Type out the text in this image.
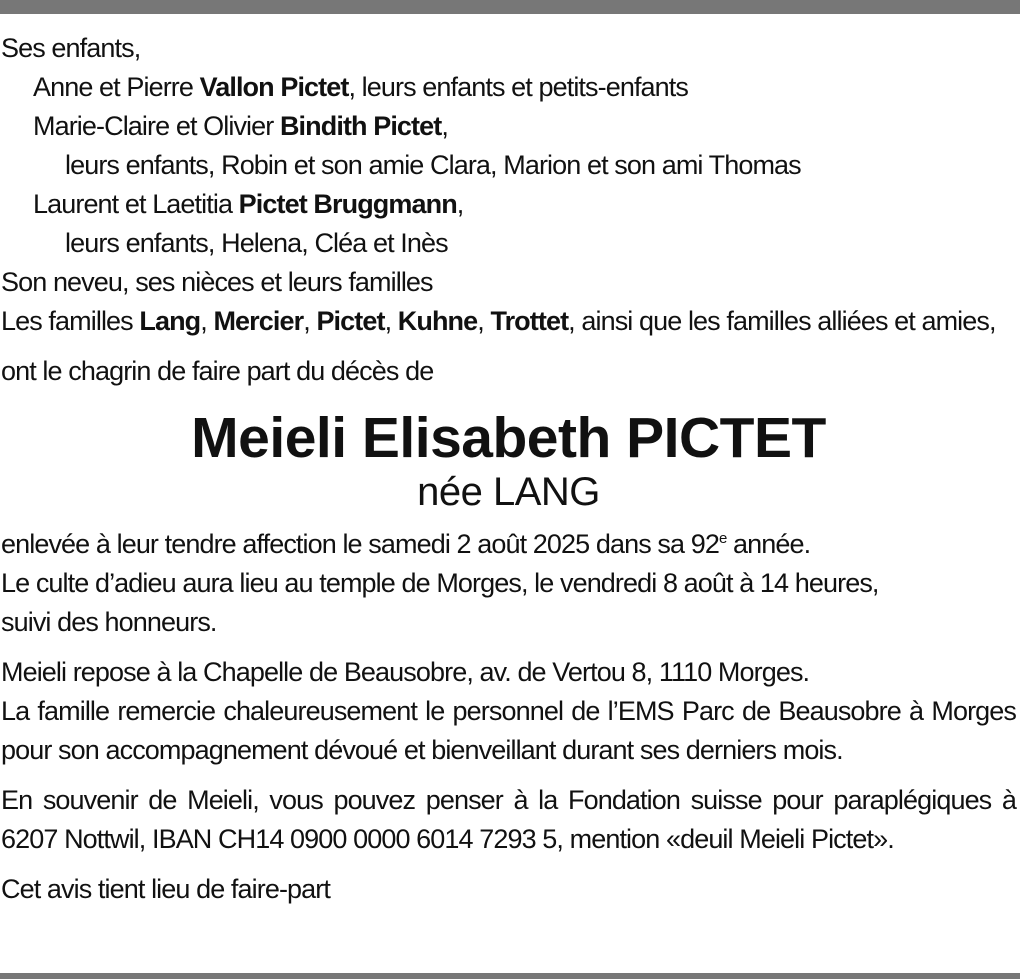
Ses enfants,
Anne et Pierre Vallon Pictet, leurs enfants et petits-enfants
Marie-Claire et Olivier Bindith Pictet,
leurs enfants, Robin et son amie Clara, Marion et son ami Thomas
Laurent et Laetitia Pictet Bruggmann,
leurs enfants, Helena, Cléa et Inès
Son neveu, ses nièces et leurs familles
Les familles Lang, Mercier, Pictet, Kuhne, Trottet, ainsi que les familles alliées et amies,
ont le chagrin de faire part du décès de
Meieli Elisabeth PICTET
née LANG
enlevée à leur tendre affection le samedi 2 août 2025 dans sa 92e année.
Le culte d’adieu aura lieu au temple de Morges, le vendredi 8 août à 14 heures,
suivi des honneurs.
Meieli repose à la Chapelle de Beausobre, av. de Vertou 8, 1110 Morges.
La famille remercie chaleureusement le personnel de l’EMS Parc de Beausobre à Morges pour son accompagnement dévoué et bienveillant durant ses derniers mois.
En souvenir de Meieli, vous pouvez penser à la Fondation suisse pour paraplégiques à 6207 Nottwil, IBAN CH14 0900 0000 6014 7293 5, mention «deuil Meieli Pictet».
Cet avis tient lieu de faire-part
